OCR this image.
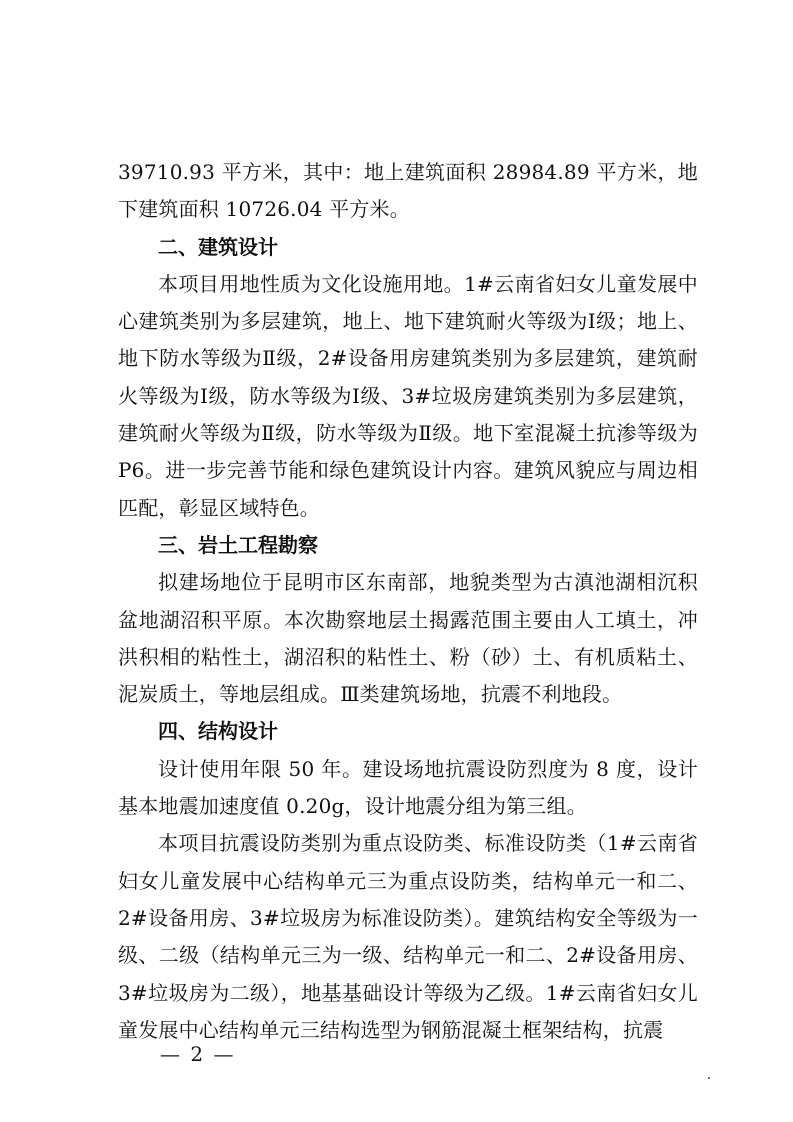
39710.93 平方米，其中：地上建筑面积 28984.89 平方米，地下建筑面积 10726.04 平方米。

二、建筑设计

本项目用地性质为文化设施用地。1#云南省妇女儿童发展中心建筑类别为多层建筑，地上、地下建筑耐火等级为Ⅰ级；地上、地下防水等级为Ⅱ级，2#设备用房建筑类别为多层建筑，建筑耐火等级为Ⅰ级，防水等级为Ⅰ级、3#垃圾房建筑类别为多层建筑，建筑耐火等级为Ⅱ级，防水等级为Ⅱ级。地下室混凝土抗渗等级为 P6。进一步完善节能和绿色建筑设计内容。建筑风貌应与周边相匹配，彰显区域特色。

三、岩土工程勘察

拟建场地位于昆明市区东南部，地貌类型为古滇池湖相沉积盆地湖沼积平原。本次勘察地层土揭露范围主要由人工填土，冲洪积相的粘性土，湖沼积的粘性土、粉（砂）土、有机质粘土、泥炭质土，等地层组成。Ⅲ类建筑场地，抗震不利地段。

四、结构设计

设计使用年限 50 年。建设场地抗震设防烈度为 8 度，设计基本地震加速度值 0.20g，设计地震分组为第三组。

本项目抗震设防类别为重点设防类、标准设防类（1#云南省妇女儿童发展中心结构单元三为重点设防类，结构单元一和二、2#设备用房、3#垃圾房为标准设防类）。建筑结构安全等级为一级、二级（结构单元三为一级、结构单元一和二、2#设备用房、3#垃圾房为二级），地基基础设计等级为乙级。1#云南省妇女儿童发展中心结构单元三结构选型为钢筋混凝土框架结构，抗震

— 2 —
